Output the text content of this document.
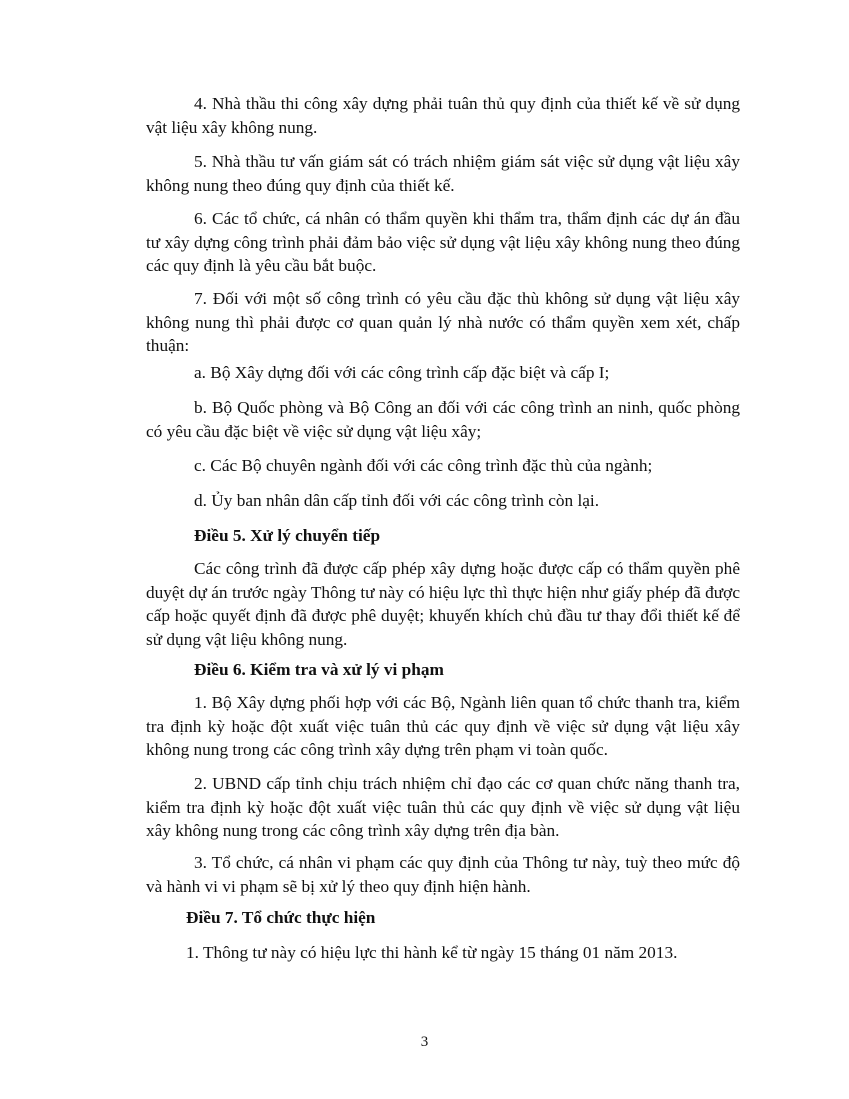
4. Nhà thầu thi công xây dựng phải tuân thủ quy định của thiết kế về sử dụng vật liệu xây không nung.

5. Nhà thầu tư vấn giám sát có trách nhiệm giám sát việc sử dụng vật liệu xây không nung theo đúng quy định của thiết kế.

6. Các tổ chức, cá nhân có thẩm quyền khi thẩm tra, thẩm định các dự án đầu tư xây dựng công trình phải đảm bảo việc sử dụng vật liệu xây không nung theo đúng các quy định là yêu cầu bắt buộc.

7. Đối với một số công trình có yêu cầu đặc thù không sử dụng vật liệu xây không nung thì phải được cơ quan quản lý nhà nước có thẩm quyền xem xét, chấp thuận:

a. Bộ Xây dựng đối với các công trình cấp đặc biệt và cấp I;

b. Bộ Quốc phòng và Bộ Công an đối với các công trình an ninh, quốc phòng có yêu cầu đặc biệt về việc sử dụng vật liệu xây;

c. Các Bộ chuyên ngành đối với các công trình đặc thù của ngành;

d. Ủy ban nhân dân cấp tỉnh đối với các công trình còn lại.

Điều 5. Xử lý chuyển tiếp

Các công trình đã được cấp phép xây dựng hoặc được cấp có thẩm quyền phê duyệt dự án trước ngày Thông tư này có hiệu lực thì thực hiện như giấy phép đã được cấp hoặc quyết định đã được phê duyệt; khuyến khích chủ đầu tư thay đổi thiết kế để sử dụng vật liệu không nung.

Điều 6. Kiểm tra và xử lý vi phạm

1. Bộ Xây dựng phối hợp với các Bộ, Ngành liên quan tổ chức thanh tra, kiểm tra định kỳ hoặc đột xuất việc tuân thủ các quy định về việc sử dụng vật liệu xây không nung trong các công trình xây dựng trên phạm vi toàn quốc.

2. UBND cấp tỉnh chịu trách nhiệm chỉ đạo các cơ quan chức năng thanh tra, kiểm tra định kỳ hoặc đột xuất việc tuân thủ các quy định về việc sử dụng vật liệu xây không nung trong các công trình xây dựng trên địa bàn.

3. Tổ chức, cá nhân vi phạm các quy định của Thông tư này, tuỳ theo mức độ và hành vi vi phạm sẽ bị xử lý theo quy định hiện hành.

Điều 7. Tổ chức thực hiện

1. Thông tư này có hiệu lực thi hành kể từ ngày 15 tháng 01 năm 2013.

3
